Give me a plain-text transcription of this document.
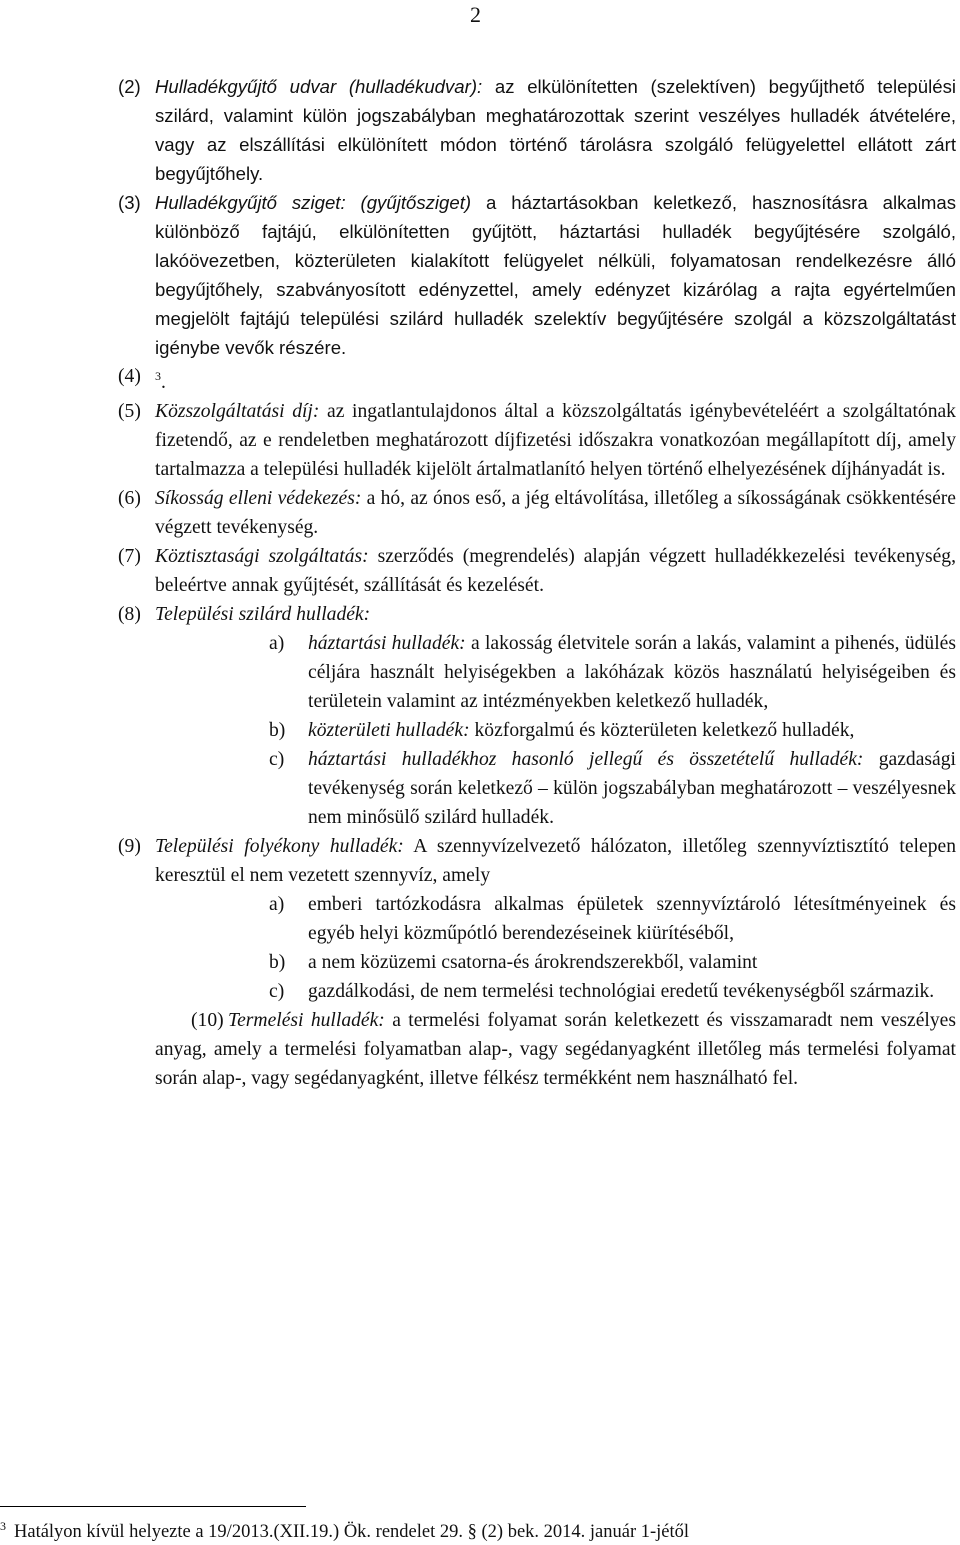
2

(2) Hulladékgyűjtő udvar (hulladékudvar): az elkülönítetten (szelektíven) begyűjthető települési szilárd, valamint külön jogszabályban meghatározottak szerint veszélyes hulladék átvételére, vagy az elszállítási elkülönített módon történő tárolásra szolgáló felügyelettel ellátott zárt begyűjtőhely.

(3) Hulladékgyűjtő sziget: (gyűjtősziget) a háztartásokban keletkező, hasznosításra alkalmas különböző fajtájú, elkülönítetten gyűjtött, háztartási hulladék begyűjtésére szolgáló, lakóövezetben, közterületen kialakított felügyelet nélküli, folyamatosan rendelkezésre álló begyűjtőhely, szabványosított edényzettel, amely edényzet kizárólag a rajta egyértelműen megjelölt fajtájú települési szilárd hulladék szelektív begyűjtésére szolgál a közszolgáltatást igénybe vevők részére.

(4) $^3$.

(5) Közszolgáltatási díj: az ingatlantulajdonos által a közszolgáltatás igénybevételéért a szolgáltatónak fizetendő, az e rendeletben meghatározott díjfizetési időszakra vonatkozóan megállapított díj, amely tartalmazza a települési hulladék kijelölt ártalmatlanító helyen történő elhelyezésének díjhányadát is.

(6) Síkosság elleni védekezés: a hó, az ónos eső, a jég eltávolítása, illetőleg a síkosságának csökkentésére végzett tevékenység.

(7) Köztisztasági szolgáltatás: szerződés (megrendelés) alapján végzett hulladékkezelési tevékenység, beleértve annak gyűjtését, szállítását és kezelését.

(8) Települési szilárd hulladék:

a) háztartási hulladék: a lakosság életvitele során a lakás, valamint a pihenés, üdülés céljára használt helyiségekben a lakóházak közös használatú helyiségeiben és területein valamint az intézményekben keletkező hulladék,
b) közterületi hulladék: közforgalmú és közterületen keletkező hulladék,
c) háztartási hulladékhoz hasonló jellegű és összetételű hulladék: gazdasági tevékenység során keletkező – külön jogszabályban meghatározott – veszélyesnek nem minősülő szilárd hulladék.

(9) Települési folyékony hulladék: A szennyvízelvezető hálózaton, illetőleg szennyvíztisztító telepen keresztül el nem vezetett szennyvíz, amely

a) emberi tartózkodásra alkalmas épületek szennyvíztároló létesítményeinek és egyéb helyi közműpótló berendezéseinek kiürítéséből,
b) a nem közüzemi csatorna-és árokrendszerekből, valamint
c) gazdálkodási, de nem termelési technológiai eredetű tevékenységből származik.

(10) Termelési hulladék: a termelési folyamat során keletkezett és visszamaradt nem veszélyes anyag, amely a termelési folyamatban alap-, vagy segédanyagként illetőleg más termelési folyamat során alap-, vagy segédanyagként, illetve félkész termékként nem használható fel.

$^3$ Hatályon kívül helyezte a 19/2013.(XII.19.) Ök. rendelet 29. § (2) bek. 2014. január 1-jétől
